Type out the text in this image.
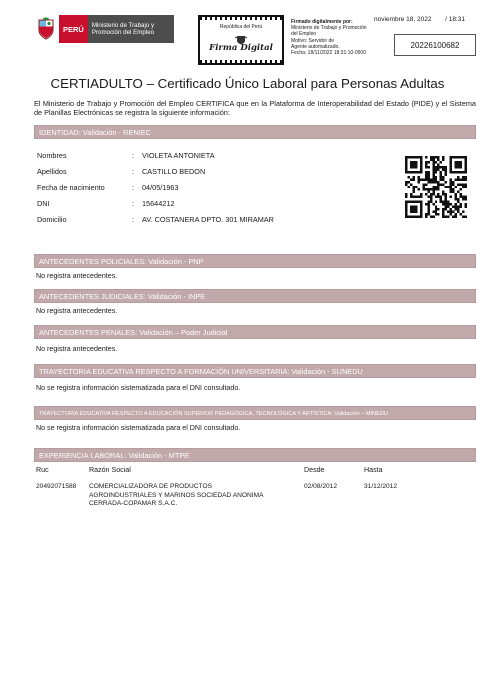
PERÚ	Ministerio de Trabajo y Promoción del Empleo
República del Perú
Firma Digital
Firmado digitalmente por:
Ministerio de Trabajo y Promoción
del Empleo
Motivo: Servidor de
Agente automatizado.
Fecha: 18/11/2022 18:31:10-0500
noviembre 18, 2022 / 18:31
20226100682
CERTIADULTO – Certificado Único Laboral para Personas Adultas
El Ministerio de Trabajo y Promoción del Empleo CERTIFICA que en la Plataforma de Interoperabilidad del Estado (PIDE) y el Sistema de Planillas Electrónicas se registra la siguiente información:
IDENTIDAD: Validación - RENIEC
Nombres	: VIOLETA ANTONIETA
Apellidos	: CASTILLO BEDON
Fecha de nacimiento	: 04/05/1963
DNI	: 15644212
Domicilio	: AV. COSTANERA DPTO. 301 MIRAMAR
ANTECEDENTES POLICIALES: Validación - PNP
No registra antecedentes.
ANTECEDENTES JUDICIALES: Validación - INPE
No registra antecedentes.
ANTECEDENTES PENALES: Validación – Poder Judicial
No registra antecedentes.
TRAYECTORIA EDUCATIVA RESPECTO A FORMACIÓN UNIVERSITARIA: Validación - SUNEDU
No se registra información sistematizada para el DNI consultado.
TRAYECTORIA EDUCATIVA RESPECTO A EDUCACIÓN SUPERIOR PEDAGÓGICA, TECNOLÓGICA Y ARTÍSTICA: Validación – MINEDU
No se registra información sistematizada para el DNI consultado.
EXPERIENCIA LABORAL: Validación - MTPE
Ruc	Razón Social	Desde	Hasta
20492071588 COMERCIALIZADORA DE PRODUCTOS
AGROINDUSTRIALES Y MARINOS SOCIEDAD ANONIMA
CERRADA-COPAMAR S.A.C.
02/08/2012	31/12/2012
